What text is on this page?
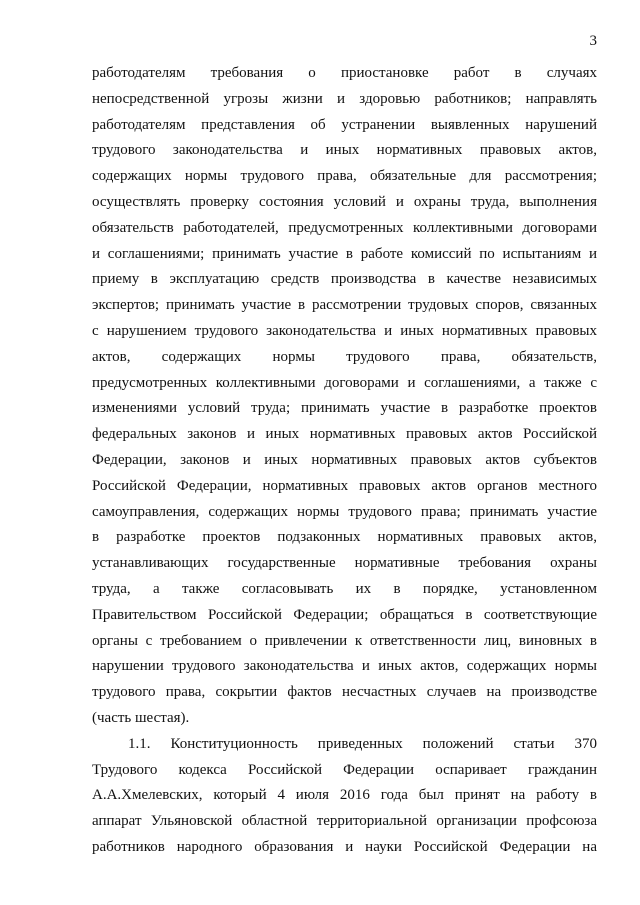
3
работодателям требования о приостановке работ в случаях
непосредственной угрозы жизни и здоровью работников; направлять
работодателям представления об устранении выявленных нарушений
трудового законодательства и иных нормативных правовых актов,
содержащих нормы трудового права, обязательные для рассмотрения;
осуществлять проверку состояния условий и охраны труда, выполнения
обязательств работодателей, предусмотренных коллективными договорами
и соглашениями; принимать участие в работе комиссий по испытаниям и
приему в эксплуатацию средств производства в качестве независимых
экспертов; принимать участие в рассмотрении трудовых споров, связанных
с нарушением трудового законодательства и иных нормативных правовых
актов, содержащих нормы трудового права, обязательств,
предусмотренных коллективными договорами и соглашениями, а также с
изменениями условий труда; принимать участие в разработке проектов
федеральных законов и иных нормативных правовых актов Российской
Федерации, законов и иных нормативных правовых актов субъектов
Российской Федерации, нормативных правовых актов органов местного
самоуправления, содержащих нормы трудового права; принимать участие
в разработке проектов подзаконных нормативных правовых актов,
устанавливающих государственные нормативные требования охраны
труда, а также согласовывать их в порядке, установленном
Правительством Российской Федерации; обращаться в соответствующие
органы с требованием о привлечении к ответственности лиц, виновных в
нарушении трудового законодательства и иных актов, содержащих нормы
трудового права, сокрытии фактов несчастных случаев на производстве
(часть шестая).
1.1. Конституционность приведенных положений статьи 370
Трудового кодекса Российской Федерации оспаривает гражданин
А.А.Хмелевских, который 4 июля 2016 года был принят на работу в
аппарат Ульяновской областной территориальной организации профсоюза
работников народного образования и науки Российской Федерации на
